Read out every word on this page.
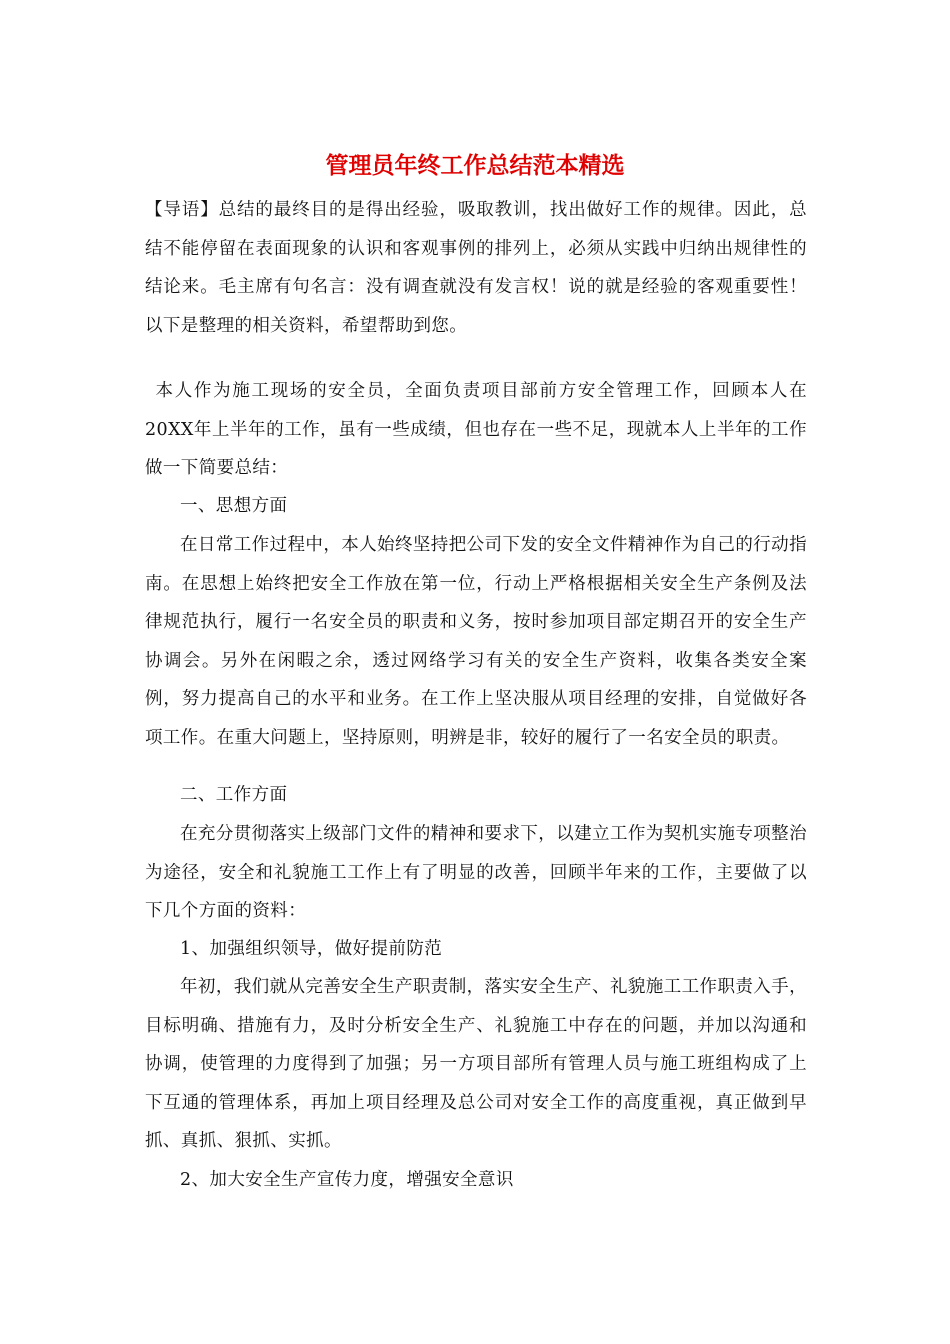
管理员年终工作总结范本精选

【导语】总结的最终目的是得出经验，吸取教训，找出做好工作的规律。因此，总结不能停留在表面现象的认识和客观事例的排列上，必须从实践中归纳出规律性的结论来。毛主席有句名言：没有调查就没有发言权！说的就是经验的客观重要性！以下是整理的相关资料，希望帮助到您。

本人作为施工现场的安全员，全面负责项目部前方安全管理工作，回顾本人在20XX年上半年的工作，虽有一些成绩，但也存在一些不足，现就本人上半年的工作做一下简要总结：

一、思想方面

在日常工作过程中，本人始终坚持把公司下发的安全文件精神作为自己的行动指南。在思想上始终把安全工作放在第一位，行动上严格根据相关安全生产条例及法律规范执行，履行一名安全员的职责和义务，按时参加项目部定期召开的安全生产协调会。另外在闲暇之余，透过网络学习有关的安全生产资料，收集各类安全案例，努力提高自己的水平和业务。在工作上坚决服从项目经理的安排，自觉做好各项工作。在重大问题上，坚持原则，明辨是非，较好的履行了一名安全员的职责。

二、工作方面

在充分贯彻落实上级部门文件的精神和要求下，以建立工作为契机实施专项整治为途径，安全和礼貌施工工作上有了明显的改善，回顾半年来的工作，主要做了以下几个方面的资料：

1、加强组织领导，做好提前防范

年初，我们就从完善安全生产职责制，落实安全生产、礼貌施工工作职责入手，目标明确、措施有力，及时分析安全生产、礼貌施工中存在的问题，并加以沟通和协调，使管理的力度得到了加强；另一方项目部所有管理人员与施工班组构成了上下互通的管理体系，再加上项目经理及总公司对安全工作的高度重视，真正做到早抓、真抓、狠抓、实抓。

2、加大安全生产宣传力度，增强安全意识
